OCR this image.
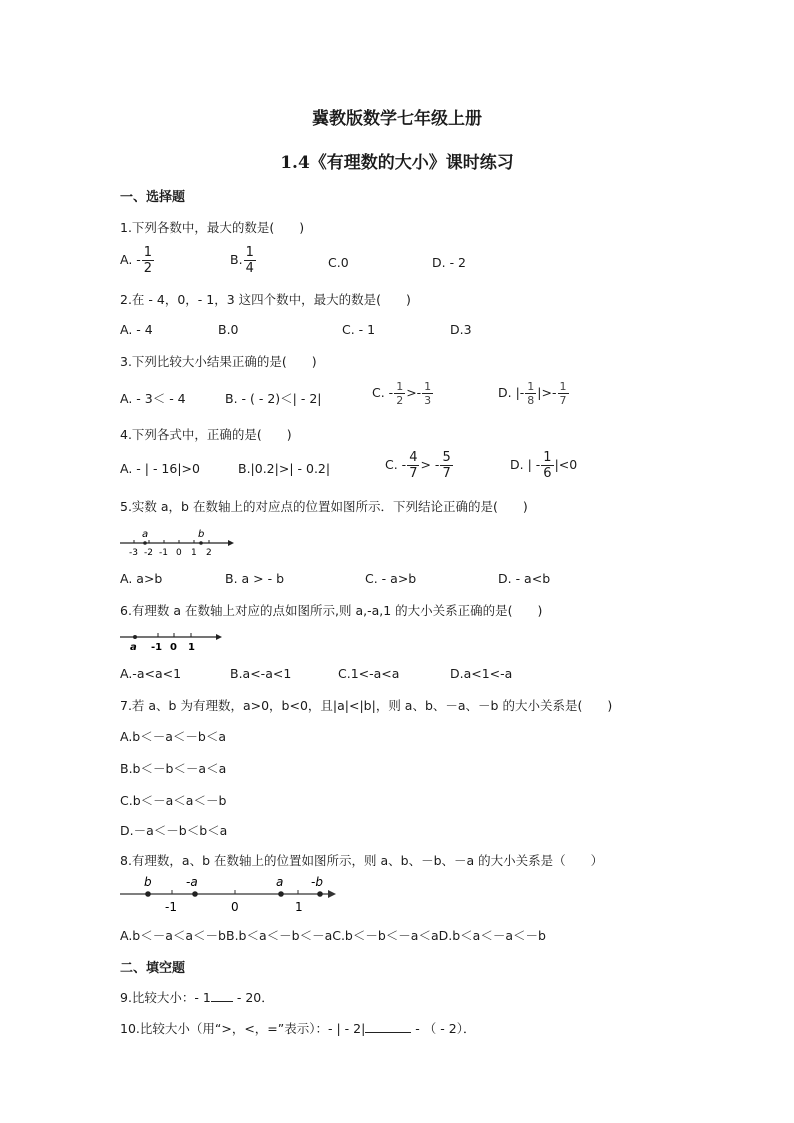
冀教版数学七年级上册
1.4《有理数的大小》课时练习
一、选择题
1.下列各数中，最大的数是(　　)
A. - $\frac{1}{2}$	B. $\frac{1}{4}$	C.0	D. - 2
2.在 - 4，0，- 1，3 这四个数中，最大的数是(　　)
A. - 4	B.0	C. - 1	D.3
3.下列比较大小结果正确的是(　　)
A. - 3＜ - 4	B. - ( - 2)＜| - 2|	C. - $\frac{1}{2} >- \frac{1}{3}$	D. |- $\frac{1}{8}$ |>- $\frac{1}{7}$
4.下列各式中，正确的是(　　)
A. - | - 16|>0	B.|0.2|>| - 0.2|	C. - $\frac{4}{7}$ > - $\frac{5}{7}$	D. | - $\frac{1}{6} |<0$
5.实数 a，b 在数轴上的对应点的位置如图所示．下列结论正确的是(　　)
a	b
-3 -2 -1 0 1 2
A. a>b	B. a > - b	C. - a>b	D. - a<b
6.有理数 a 在数轴上对应的点如图所示,则 a,-a,1 的大小关系正确的是(　　)
a -1 0 1
A.-a<a<1	B.a<-a<1	C.1<-a<a	D.a<1<-a
7.若 a、b 为有理数，a>0，b<0，且|a|<|b|，则 a、b、－a、－b 的大小关系是(　　)
A.b＜－a＜－b＜a
B.b＜－b＜－a＜a
C.b＜－a＜a＜－b
D.－a＜－b＜b＜a
8.有理数，a、b 在数轴上的位置如图所示，则 a、b、－b、－a 的大小关系是（　　）
b	-a	a -b
-1	0	1
A.b＜－a＜a＜－bB.b＜a＜－b＜－aC.b＜－b＜－a＜aD.b＜a＜－a＜－b
二、填空题
9.比较大小：- 1 - 20．
10.比较大小（用“>，<，=”表示）：- | - 2|	- （ - 2）．
